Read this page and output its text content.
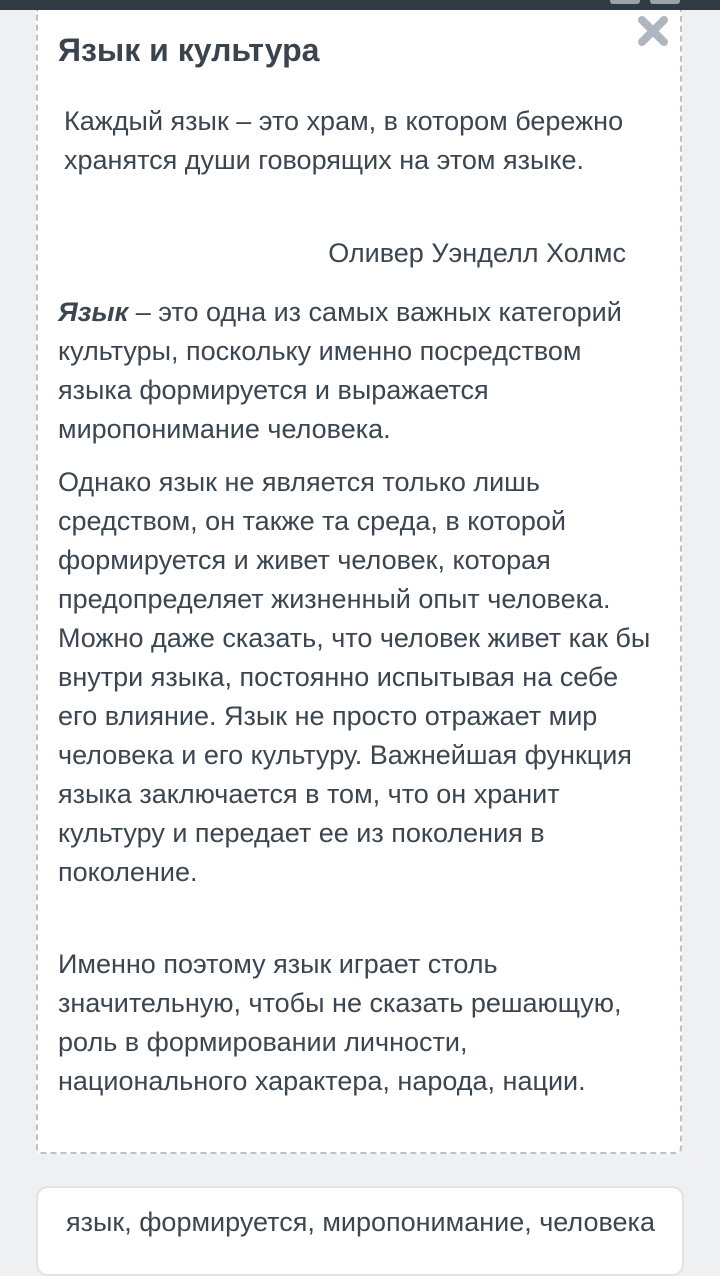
Язык и культура

Каждый язык – это храм, в котором бережно хранятся души говорящих на этом языке.

Оливер Уэнделл Холмс

Язык – это одна из самых важных категорий культуры, поскольку именно посредством языка формируется и выражается миропонимание человека.

Однако язык не является только лишь средством, он также та среда, в которой формируется и живет человек, которая предопределяет жизненный опыт человека. Можно даже сказать, что человек живет как бы внутри языка, постоянно испытывая на себе его влияние. Язык не просто отражает мир человека и его культуру. Важнейшая функция языка заключается в том, что он хранит культуру и передает ее из поколения в поколение.

Именно поэтому язык играет столь значительную, чтобы не сказать решающую, роль в формировании личности, национального характера, народа, нации.

язык, формируется, миропонимание, человека
